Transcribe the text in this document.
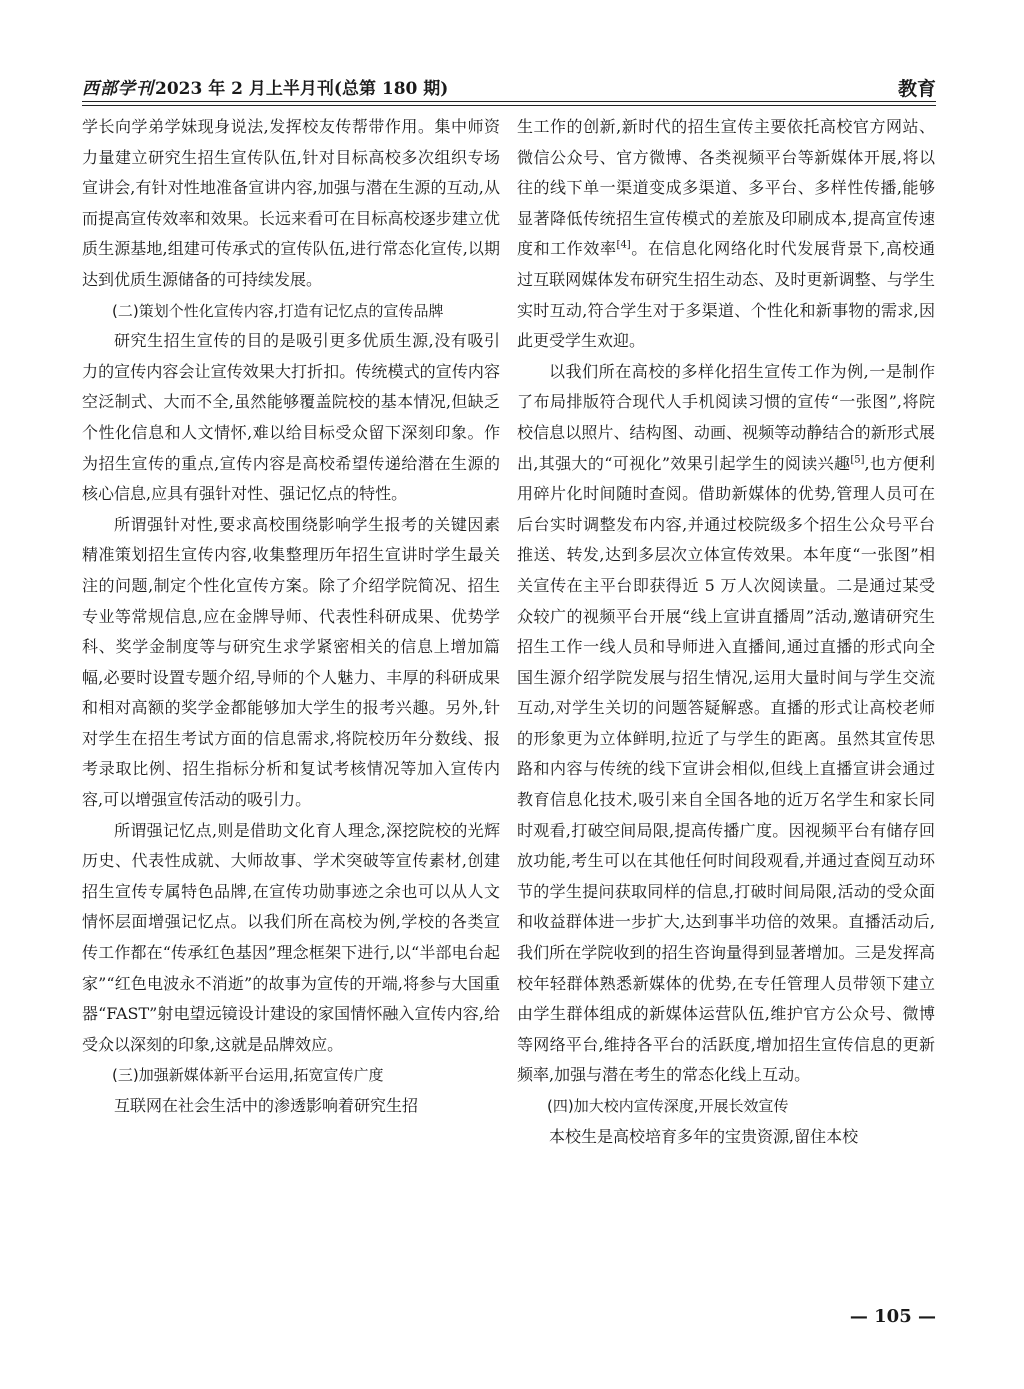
西部学刊2023 年 2 月上半月刊(总第 180 期)	教育

学长向学弟学妹现身说法,发挥校友传帮带作用。集中师资力量建立研究生招生宣传队伍,针对目标高校多次组织专场宣讲会,有针对性地准备宣讲内容,加强与潜在生源的互动,从而提高宣传效率和效果。长远来看可在目标高校逐步建立优质生源基地,组建可传承式的宣传队伍,进行常态化宣传,以期达到优质生源储备的可持续发展。

(二)策划个性化宣传内容,打造有记忆点的宣传品牌

研究生招生宣传的目的是吸引更多优质生源,没有吸引力的宣传内容会让宣传效果大打折扣。传统模式的宣传内容空泛制式、大而不全,虽然能够覆盖院校的基本情况,但缺乏个性化信息和人文情怀,难以给目标受众留下深刻印象。作为招生宣传的重点,宣传内容是高校希望传递给潜在生源的核心信息,应具有强针对性、强记忆点的特性。

所谓强针对性,要求高校围绕影响学生报考的关键因素精准策划招生宣传内容,收集整理历年招生宣讲时学生最关注的问题,制定个性化宣传方案。除了介绍学院简况、招生专业等常规信息,应在金牌导师、代表性科研成果、优势学科、奖学金制度等与研究生求学紧密相关的信息上增加篇幅,必要时设置专题介绍,导师的个人魅力、丰厚的科研成果和相对高额的奖学金都能够加大学生的报考兴趣。另外,针对学生在招生考试方面的信息需求,将院校历年分数线、报考录取比例、招生指标分析和复试考核情况等加入宣传内容,可以增强宣传活动的吸引力。

所谓强记忆点,则是借助文化育人理念,深挖院校的光辉历史、代表性成就、大师故事、学术突破等宣传素材,创建招生宣传专属特色品牌,在宣传功勋事迹之余也可以从人文情怀层面增强记忆点。以我们所在高校为例,学校的各类宣传工作都在“传承红色基因”理念框架下进行,以“半部电台起家”“红色电波永不消逝”的故事为宣传的开端,将参与大国重器“FAST”射电望远镜设计建设的家国情怀融入宣传内容,给受众以深刻的印象,这就是品牌效应。

(三)加强新媒体新平台运用,拓宽宣传广度

互联网在社会生活中的渗透影响着研究生招

生工作的创新,新时代的招生宣传主要依托高校官方网站、微信公众号、官方微博、各类视频平台等新媒体开展,将以往的线下单一渠道变成多渠道、多平台、多样性传播,能够显著降低传统招生宣传模式的差旅及印刷成本,提高宣传速度和工作效率[4]。在信息化网络化时代发展背景下,高校通过互联网媒体发布研究生招生动态、及时更新调整、与学生实时互动,符合学生对于多渠道、个性化和新事物的需求,因此更受学生欢迎。

以我们所在高校的多样化招生宣传工作为例,一是制作了布局排版符合现代人手机阅读习惯的宣传“一张图”,将院校信息以照片、结构图、动画、视频等动静结合的新形式展出,其强大的“可视化”效果引起学生的阅读兴趣[5],也方便利用碎片化时间随时查阅。借助新媒体的优势,管理人员可在后台实时调整发布内容,并通过校院级多个招生公众号平台推送、转发,达到多层次立体宣传效果。本年度“一张图”相关宣传在主平台即获得近 5 万人次阅读量。二是通过某受众较广的视频平台开展“线上宣讲直播周”活动,邀请研究生招生工作一线人员和导师进入直播间,通过直播的形式向全国生源介绍学院发展与招生情况,运用大量时间与学生交流互动,对学生关切的问题答疑解惑。直播的形式让高校老师的形象更为立体鲜明,拉近了与学生的距离。虽然其宣传思路和内容与传统的线下宣讲会相似,但线上直播宣讲会通过教育信息化技术,吸引来自全国各地的近万名学生和家长同时观看,打破空间局限,提高传播广度。因视频平台有储存回放功能,考生可以在其他任何时间段观看,并通过查阅互动环节的学生提问获取同样的信息,打破时间局限,活动的受众面和收益群体进一步扩大,达到事半功倍的效果。直播活动后,我们所在学院收到的招生咨询量得到显著增加。三是发挥高校年轻群体熟悉新媒体的优势,在专任管理人员带领下建立由学生群体组成的新媒体运营队伍,维护官方公众号、微博等网络平台,维持各平台的活跃度,增加招生宣传信息的更新频率,加强与潜在考生的常态化线上互动。

(四)加大校内宣传深度,开展长效宣传

本校生是高校培育多年的宝贵资源,留住本校

— 105 —
